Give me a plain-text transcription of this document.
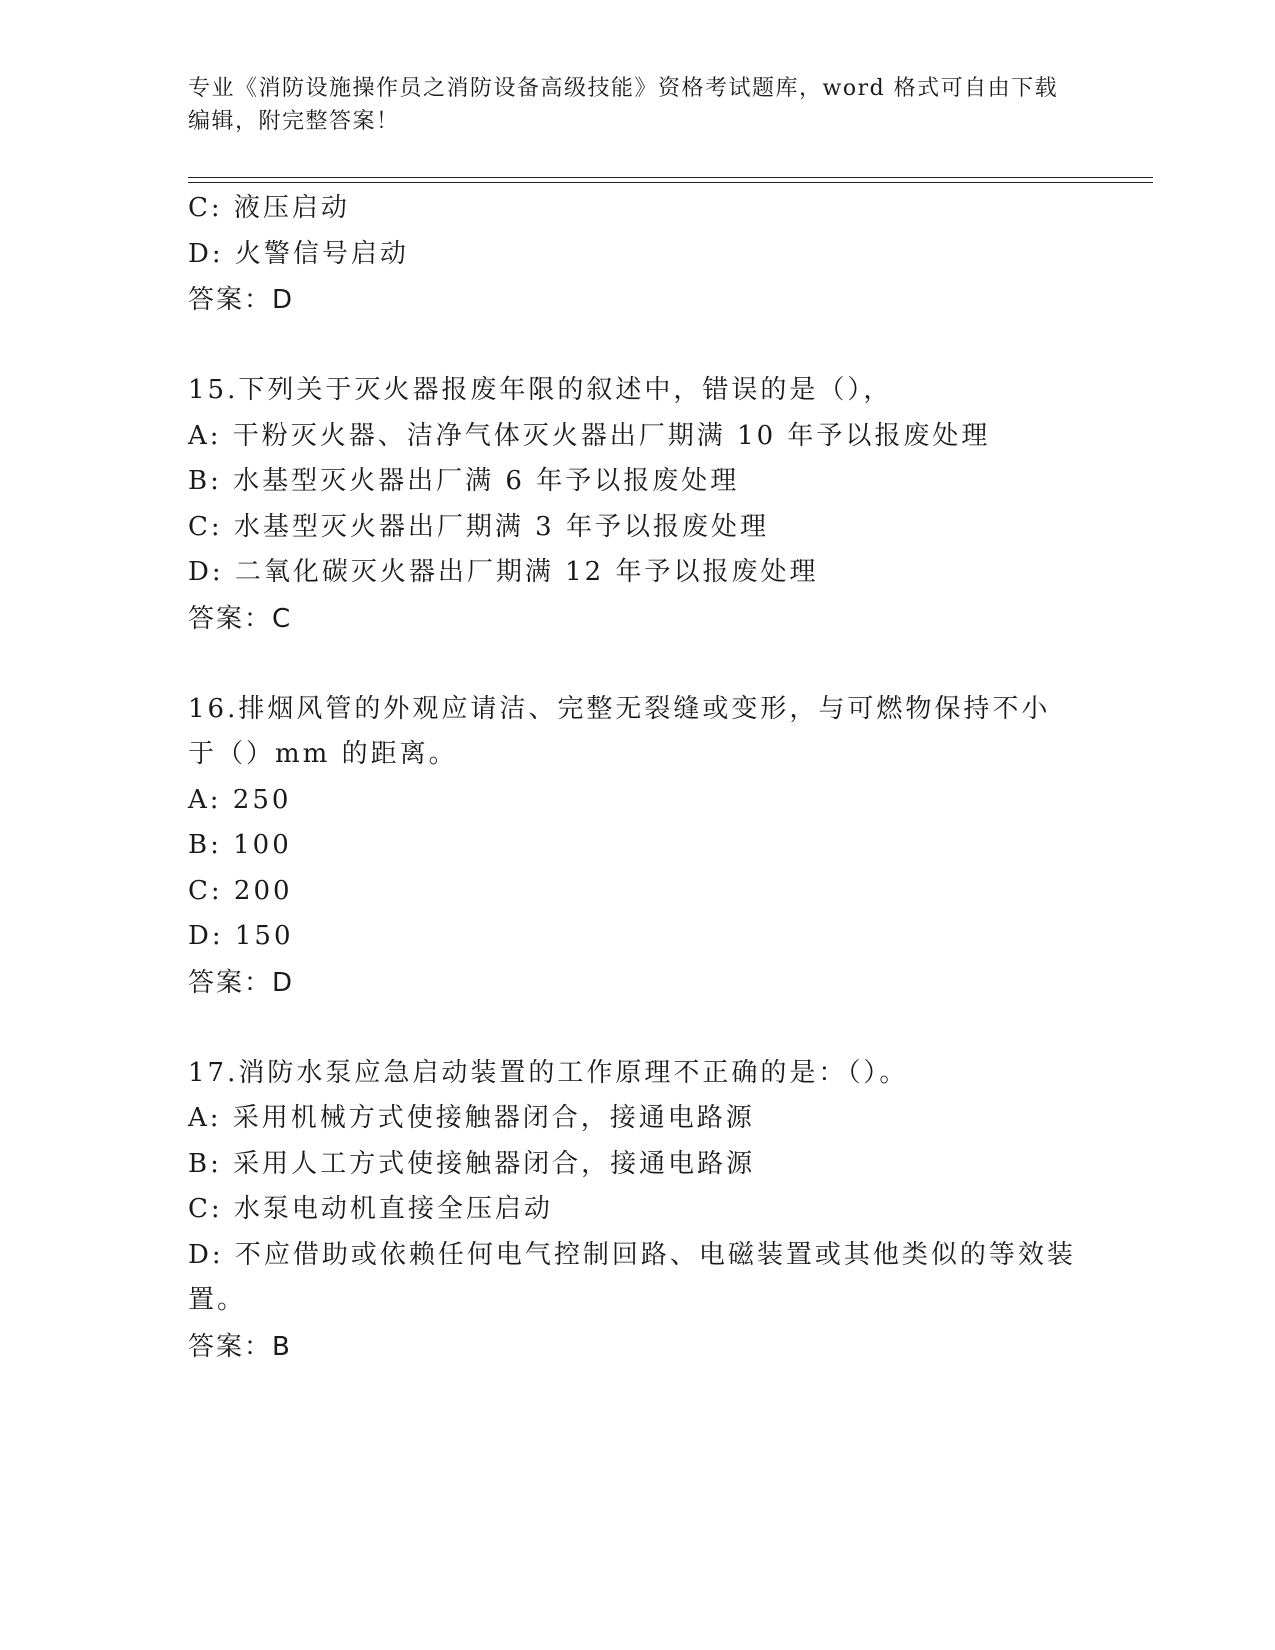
专业《消防设施操作员之消防设备高级技能》资格考试题库，word 格式可自由下载编辑，附完整答案！
C: 液压启动
D: 火警信号启动
答案：D
15.下列关于灭火器报废年限的叙述中，错误的是（），
A: 干粉灭火器、洁净气体灭火器出厂期满 10 年予以报废处理
B: 水基型灭火器出厂满 6 年予以报废处理
C: 水基型灭火器出厂期满 3 年予以报废处理
D: 二氧化碳灭火器出厂期满 12 年予以报废处理
答案：C
16.排烟风管的外观应请洁、完整无裂缝或变形，与可燃物保持不小于（）mm 的距离。
A: 250
B: 100
C: 200
D: 150
答案：D
17.消防水泵应急启动装置的工作原理不正确的是：（）。
A: 采用机械方式使接触器闭合，接通电路源
B: 采用人工方式使接触器闭合，接通电路源
C: 水泵电动机直接全压启动
D: 不应借助或依赖任何电气控制回路、电磁装置或其他类似的等效装置。
答案：B
